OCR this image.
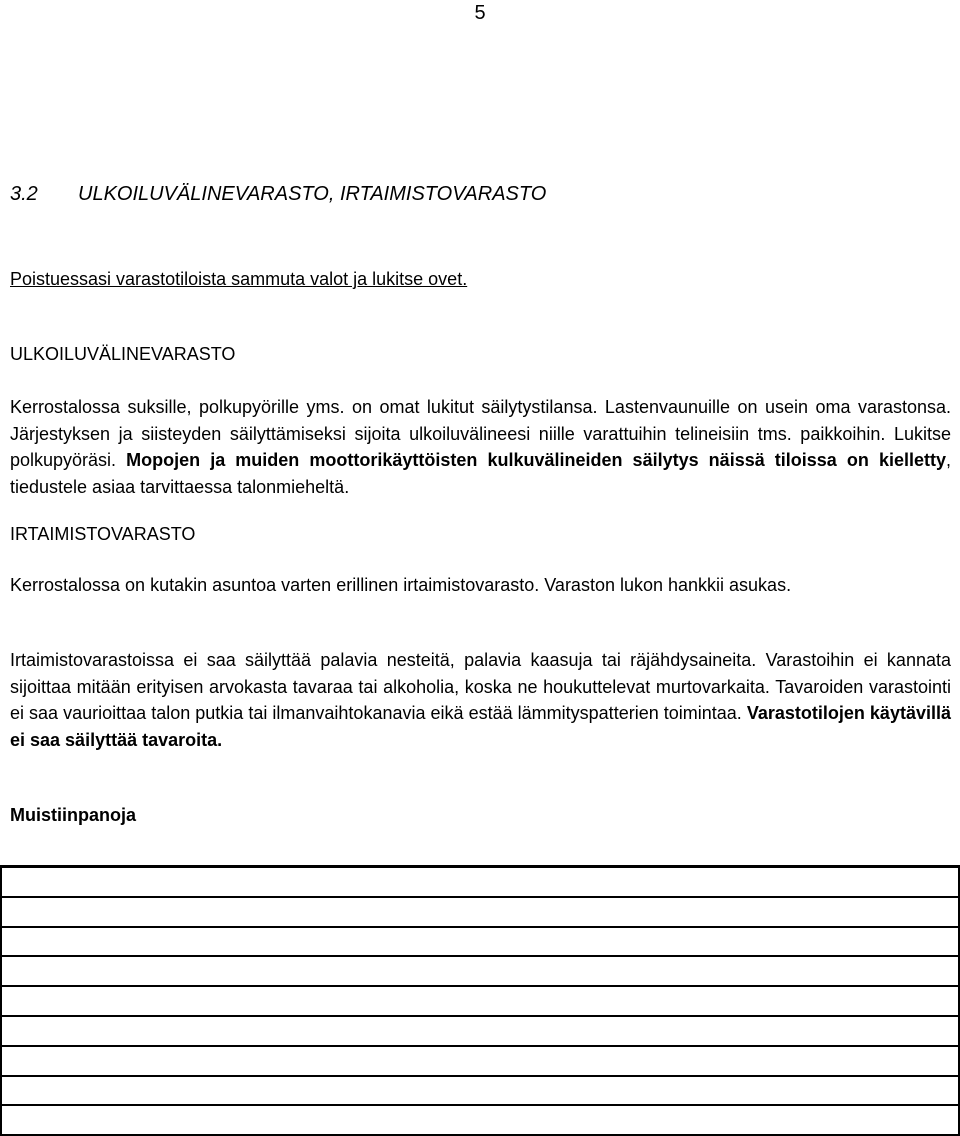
5
3.2 ULKOILUVÄLINEVARASTO, IRTAIMISTOVARASTO
Poistuessasi varastotiloista sammuta valot ja lukitse ovet.
ULKOILUVÄLINEVARASTO
Kerrostalossa suksille, polkupyörille yms. on omat lukitut säilytystilansa. Lastenvaunuille on usein oma varastonsa. Järjestyksen ja siisteyden säilyttämiseksi sijoita ulkoiluvälineesi niille varattuihin telineisiin tms. paikkoihin. Lukitse polkupyöräsi. Mopojen ja muiden moottorikäyttöisten kulkuvälineiden säilytys näissä tiloissa on kielletty, tiedustele asiaa tarvittaessa talonmieheltä.
IRTAIMISTOVARASTO
Kerrostalossa on kutakin asuntoa varten erillinen irtaimistovarasto. Varaston lukon hankkii asukas.
Irtaimistovarastoissa ei saa säilyttää palavia nesteitä, palavia kaasuja tai räjähdysaineita. Varastoihin ei kannata sijoittaa mitään erityisen arvokasta tavaraa tai alkoholia, koska ne houkuttelevat murtovarkaita. Tavaroiden varastointi ei saa vaurioittaa talon putkia tai ilmanvaihtokanavia eikä estää lämmityspatterien toimintaa. Varastotilojen käytävillä ei saa säilyttää tavaroita.
Muistiinpanoja
